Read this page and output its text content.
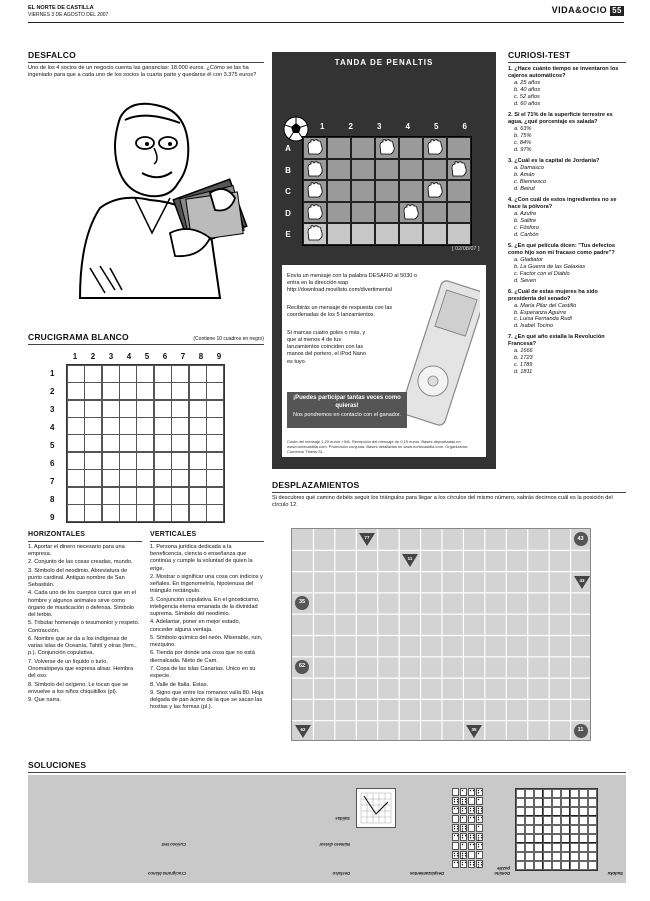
EL NORTE DE CASTILLA
VIERNES 3 DE AGOSTO DEL 2007	VIDA&OCIO 55
DESFALCO
Uno de los 4 socios de un negocio cuenta las ganancias: 18.000 euros. ¿Cómo se las ha ingeniado para que a cada uno de los socios la cuarta parte y quedarse él con 3.375 euros?
CRUCIGRAMA BLANCO	(Contiene 10 cuadros en negro)
1	2	3	4	5	6	7	8	9
1
2
3
4
5
6
7
8
9
HORIZONTALES
1. Aportar el dinero necesario para una empresa.
2. Conjunto de las cosas creadas, mundo.
3. Símbolo del neodimio. Abreviatura de punto cardinal. Antiguo nombre de San Sebastián.
4. Cada uno de los cuerpos curcs que en el hombre y algunos animales sirve como órgano de masticación o defensa. Símbolo del terbio.
5. Tributar homenaje o tesumonior y respeto. Contracción.
6. Nombre que se da a los indígenas de varias islas de Oceanía, Tahití y otras (fem., p.). Conjunción copulativa.
7. Volverse de un líquido o turio. Onomatopeya que expresa alisar. Hembra del oso.
8. Símbolo del oxígeno. Le tocan que se envuelve a los niños chiquitillos (pl).
9. Que narra.
VERTICALES
1. Persona jurídica dedicada a la beneficencia, ciencia o enseñanza que continúa y cumple la voluntad de quien la erige.
2. Mostrar o significar una cosa con indicios y señales. En trigonometría, hipotenusa del triángulo rectángulo.
3. Conjunción copulativa. En el gnosticismo, inteligencia eterna emanada de la divinidad suprema. Símbolo del neodimio.
4. Adelantar, poner en mejor estado, conceder alguna ventaja.
5. Símbolo químico del neón. Miserable, ruin, mezquino.
6. Tienda por donde una cosa que no está diernalcada. Nieto de Cam.
7. Copa de las islas Canarias. Unico en su especie.
8. Valle de Italia. Estas.
9. Signo que entre los romanos valía 80. Hoja delgada de pan ácimo de la que se sacan las hostias y las formas (pl.).
TANDA DE PENALTIS
1	2	3	4	5	6
A
B
C
D
E
[ 02/08/07 ]
Envía un mensaje con la palabra DESAFIO al 5030 o entra en la dirección wap http://download.movilisto.com/divertimental
Recibirás un mensaje de respuesta con las coordenadas de los 5 lanzamientos.
Si marcas cuatro goles o más, y que al menos 4 de tus lanzamientos coinciden con las manos del portero, el iPod Nano es tuyo.
¡Puedes participar tantas veces como quieras!
Nos pondremos en contacto con el ganador.
Coste del mensaje 1,20 euros +IVA. Recepción del mensaje de 0,15 euros. Bases depositadas en www.nortecastilla.com. Promoción conjunta. Bases detalladas en www.nortecastilla.com. Organizador: Comercio Tfness SL.
CURIOSI-TEST
1. ¿Hace cuánto tiempo se inventaron los cajeros automáticos?
a. 25 años
b. 40 años
c. 52 años
d. 60 años
2. Si el 71% de la superficie terrestre es agua, ¿qué porcentaje es salada?
a. 63%
b. 75%
c. 84%
d. 97%
3. ¿Cuál es la capital de Jordania?
a. Damasco
b. Amán
c. Biennesco
d. Beirut
4. ¿Con cuál de estos ingredientes no se hace la pólvora?
a. Azufre
b. Salitre
c. Fósforo
d. Carbón
5. ¿En qué película dicen: "Tus defectos como hijo son mi fracaso como padre"?
a. Gladiator
b. La Guerra de las Galaxias
c. Factor con el Diablo
d. Seven
6. ¿Cuál de estas mujeres ha sido presidenta del senado?
a. María Pilar del Castillo
b. Esperanza Aguirre
c. Luisa Fernanda Rudi
d. Isabel Tocino
7. ¿En qué año estalla la Revolución Francesa?
a. 1666
b. 1723
c. 1789
d. 1811
DESPLAZAMIENTOS
Si descubres qué camino debéis seguir los triángulos para llegar a los círculos del mismo número, sabrás decirnos cuál es la posición del círculo 12.
43
35
62
11
77
11
43
35
62
SOLUCIONES
Crucigrama blanco
Curioso test
Desfalco
Número divisor
Salidas
Desplazamientos	Domino puzzle
Sudoku
